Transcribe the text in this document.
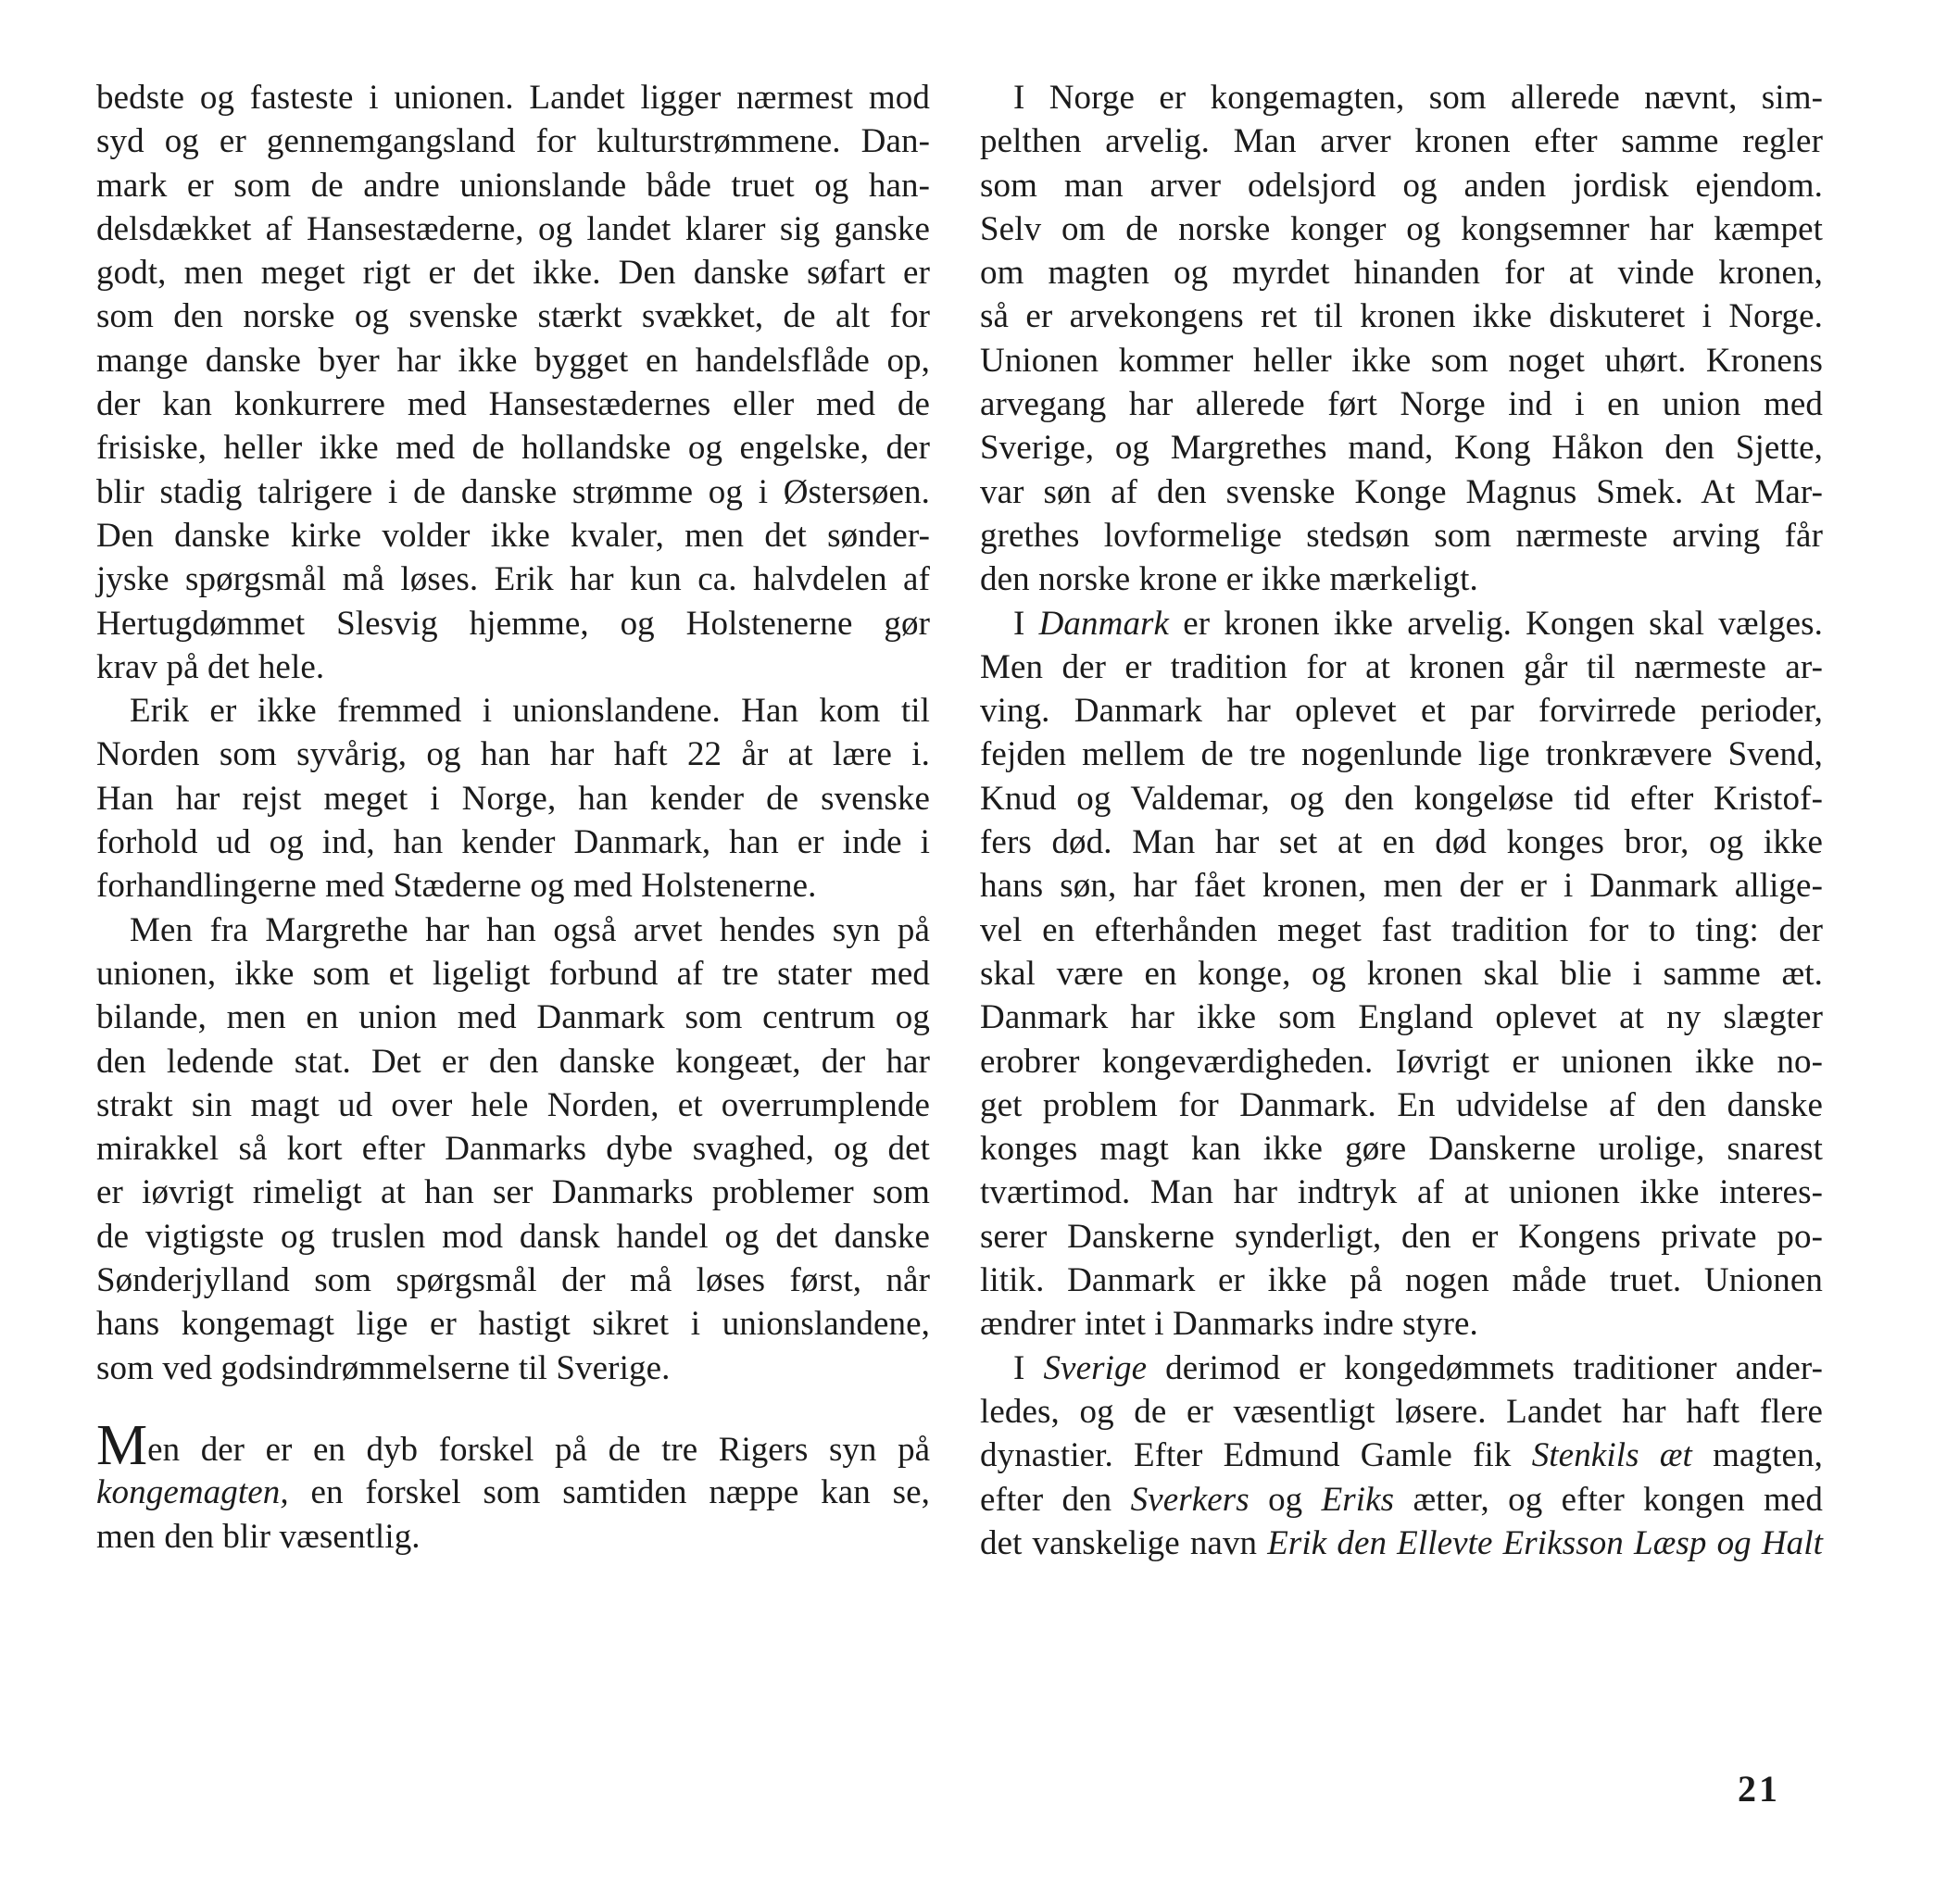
bedste og fasteste i unionen. Landet ligger nærmest mod
syd og er gennemgangsland for kulturstrømmene. Dan-
mark er som de andre unionslande både truet og han-
delsdækket af Hansestæderne, og landet klarer sig ganske
godt, men meget rigt er det ikke. Den danske søfart er
som den norske og svenske stærkt svækket, de alt for
mange danske byer har ikke bygget en handelsflåde op,
der kan konkurrere med Hansestædernes eller med de
frisiske, heller ikke med de hollandske og engelske, der
blir stadig talrigere i de danske strømme og i Østersøen.
Den danske kirke volder ikke kvaler, men det sønder-
jyske spørgsmål må løses. Erik har kun ca. halvdelen af
Hertugdømmet Slesvig hjemme, og Holstenerne gør
krav på det hele.
Erik er ikke fremmed i unionslandene. Han kom til
Norden som syvårig, og han har haft 22 år at lære i.
Han har rejst meget i Norge, han kender de svenske
forhold ud og ind, han kender Danmark, han er inde i
forhandlingerne med Stæderne og med Holstenerne.
Men fra Margrethe har han også arvet hendes syn på
unionen, ikke som et ligeligt forbund af tre stater med
bilande, men en union med Danmark som centrum og
den ledende stat. Det er den danske kongeæt, der har
strakt sin magt ud over hele Norden, et overrumplende
mirakkel så kort efter Danmarks dybe svaghed, og det
er iøvrigt rimeligt at han ser Danmarks problemer som
de vigtigste og truslen mod dansk handel og det danske
Sønderjylland som spørgsmål der må løses først, når
hans kongemagt lige er hastigt sikret i unionslandene,
som ved godsindrømmelserne til Sverige.
Men der er en dyb forskel på de tre Rigers syn på
kongemagten, en forskel som samtiden næppe kan se,
men den blir væsentlig.
I Norge er kongemagten, som allerede nævnt, sim-
pelthen arvelig. Man arver kronen efter samme regler
som man arver odelsjord og anden jordisk ejendom.
Selv om de norske konger og kongsemner har kæmpet
om magten og myrdet hinanden for at vinde kronen,
så er arvekongens ret til kronen ikke diskuteret i Norge.
Unionen kommer heller ikke som noget uhørt. Kronens
arvegang har allerede ført Norge ind i en union med
Sverige, og Margrethes mand, Kong Håkon den Sjette,
var søn af den svenske Konge Magnus Smek. At Mar-
grethes lovformelige stedsøn som nærmeste arving får
den norske krone er ikke mærkeligt.
I Danmark er kronen ikke arvelig. Kongen skal vælges.
Men der er tradition for at kronen går til nærmeste ar-
ving. Danmark har oplevet et par forvirrede perioder,
fejden mellem de tre nogenlunde lige tronkrævere Svend,
Knud og Valdemar, og den kongeløse tid efter Kristof-
fers død. Man har set at en død konges bror, og ikke
hans søn, har fået kronen, men der er i Danmark allige-
vel en efterhånden meget fast tradition for to ting: der
skal være en konge, og kronen skal blie i samme æt.
Danmark har ikke som England oplevet at ny slægter
erobrer kongeværdigheden. Iøvrigt er unionen ikke no-
get problem for Danmark. En udvidelse af den danske
konges magt kan ikke gøre Danskerne urolige, snarest
tværtimod. Man har indtryk af at unionen ikke interes-
serer Danskerne synderligt, den er Kongens private po-
litik. Danmark er ikke på nogen måde truet. Unionen
ændrer intet i Danmarks indre styre.
I Sverige derimod er kongedømmets traditioner ander-
ledes, og de er væsentligt løsere. Landet har haft flere
dynastier. Efter Edmund Gamle fik Stenkils æt magten,
efter den Sverkers og Eriks ætter, og efter kongen med
det vanskelige navn Erik den Ellevte Eriksson Læsp og Halt
21
